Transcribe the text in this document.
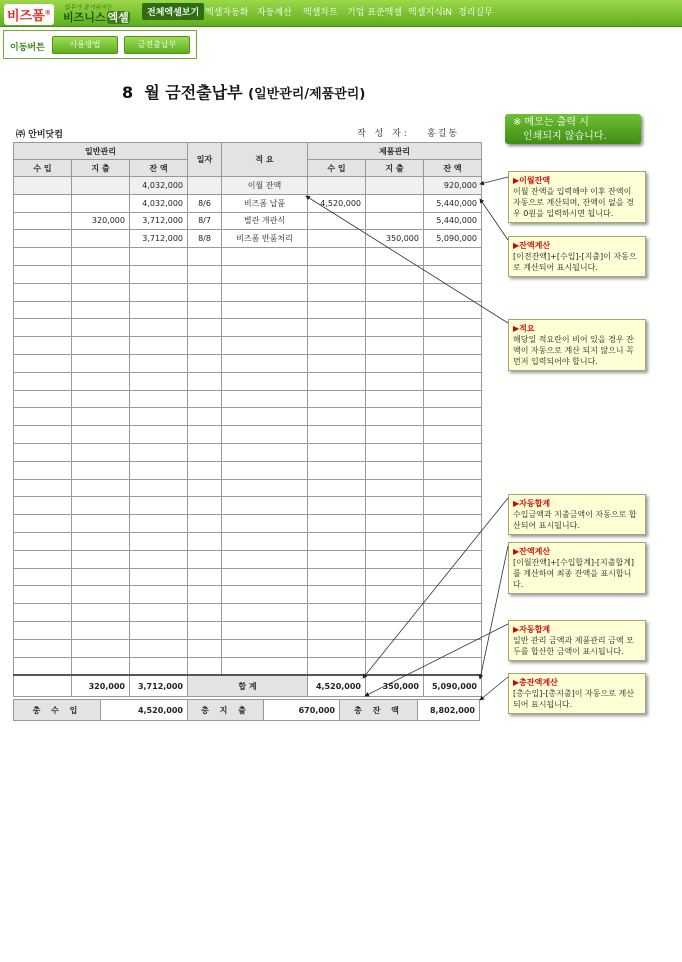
비즈폼®
업무가 즐거워지는
비즈니스 엑셀	전체엑셀보기 엑셀자동화 자동계산 엑셀차트 기업 표준엑셀 엑셀지식iN 경리실무
이동버튼	사용방법	금전출납부
8 월 금전출납부 (일반관리/제품관리)
※ 메모는 출력 시
인쇄되지 않습니다.
㈜ 안비닷컴	작 성 자: 홍길동
일반관리			일자	적 요	제품관리		
수 입	지 출	잔 액			수 입	지 출	잔 액
		4,032,000		이월 잔액			920,000
		4,032,000	8/6	비즈폼 납품	4,520,000		5,440,000
	320,000	3,712,000	8/7	별관 개관식			5,440,000
		3,712,000	8/8	비즈폼 반품처리		350,000	5,090,000

	320,000	3,712,000	합 계		4,520,000	350,000	5,090,000
총 수 입	4,520,000	총 지 출	670,000	총 잔 액	8,802,000
▶이월잔액
이월 잔액을 입력해야 이후 잔액이 자동으로 계산되며, 잔액이 없을 경우 0원을 입력하시면 됩니다.
▶잔액계산
[이전잔액]+[수입]-[지출]이 자동으로 계산되어 표시됩니다.
▶적요
해당일 적요란이 비어 있을 경우 잔액이 자동으로 계산 되지 않으니 꼭 먼저 입력되어야 합니다.
▶자동합계
수입금액과 지출금액이 자동으로 합산되어 표시됩니다.
▶잔액계산
[이월잔액]+[수입합계]-[지출합계]를 계산하여 최종 잔액을 표시합니다.
▶자동합계
일반 관리 금액과 제품관리 금액 모두를 합산한 금액이 표시됩니다.
▶총잔액계산
[총수입]-[총지출]이 자동으로 계산되어 표시됩니다.
